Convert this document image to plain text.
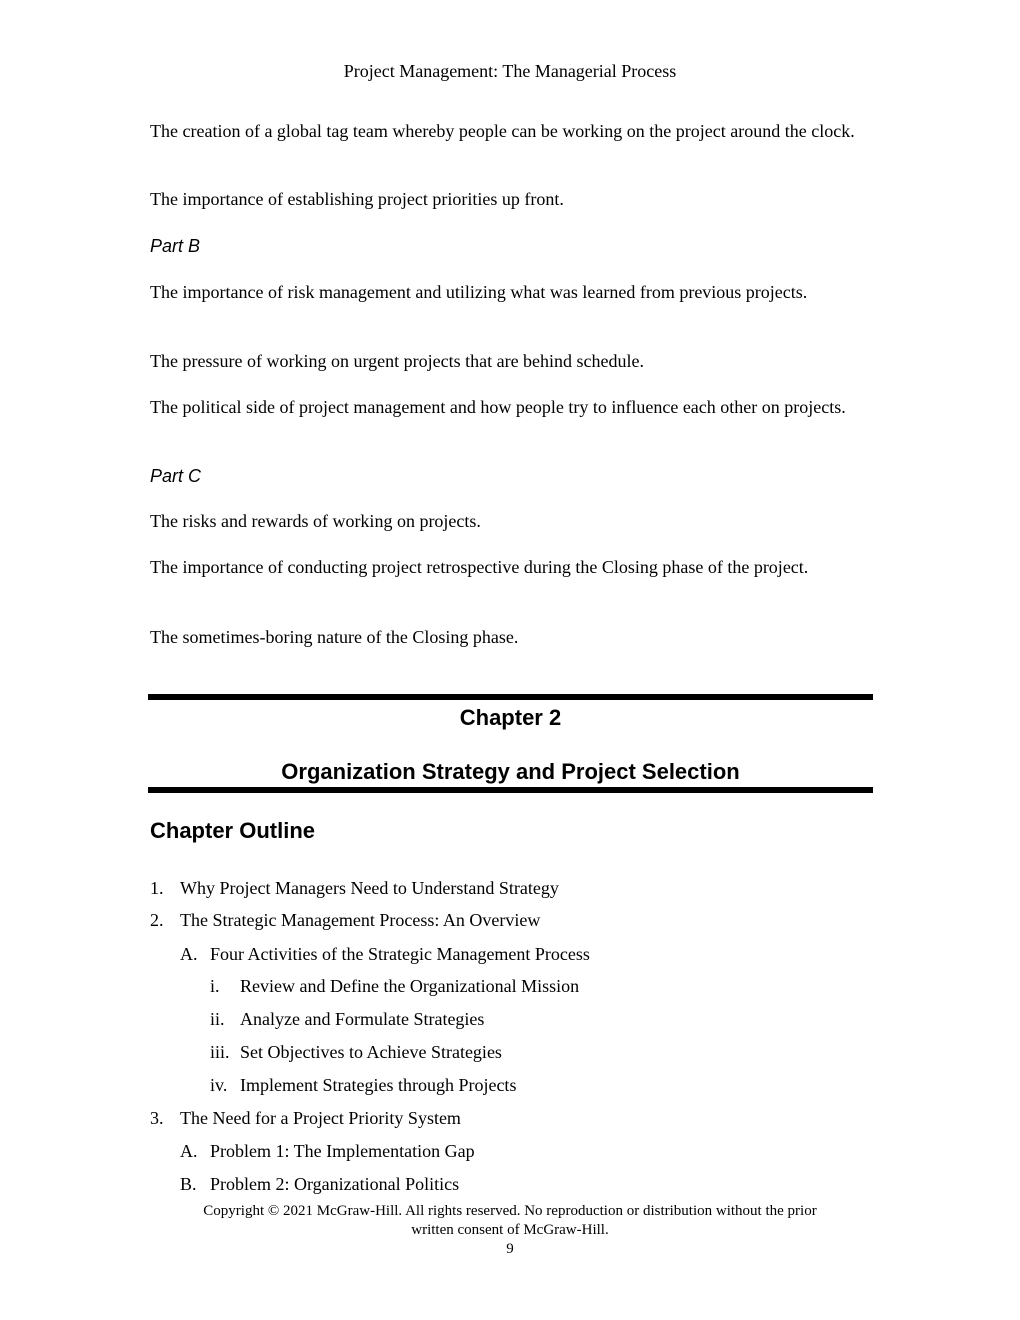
Project Management: The Managerial Process
The creation of a global tag team whereby people can be working on the project around the clock.
The importance of establishing project priorities up front.
Part B
The importance of risk management and utilizing what was learned from previous projects.
The pressure of working on urgent projects that are behind schedule.
The political side of project management and how people try to influence each other on projects.
Part C
The risks and rewards of working on projects.
The importance of conducting project retrospective during the Closing phase of the project.
The sometimes-boring nature of the Closing phase.
Chapter 2
Organization Strategy and Project Selection
Chapter Outline
1. Why Project Managers Need to Understand Strategy
2. The Strategic Management Process: An Overview
A. Four Activities of the Strategic Management Process
i. Review and Define the Organizational Mission
ii. Analyze and Formulate Strategies
iii. Set Objectives to Achieve Strategies
iv. Implement Strategies through Projects
3. The Need for a Project Priority System
A. Problem 1: The Implementation Gap
B. Problem 2: Organizational Politics
Copyright © 2021 McGraw-Hill. All rights reserved. No reproduction or distribution without the prior
written consent of McGraw-Hill.
9
